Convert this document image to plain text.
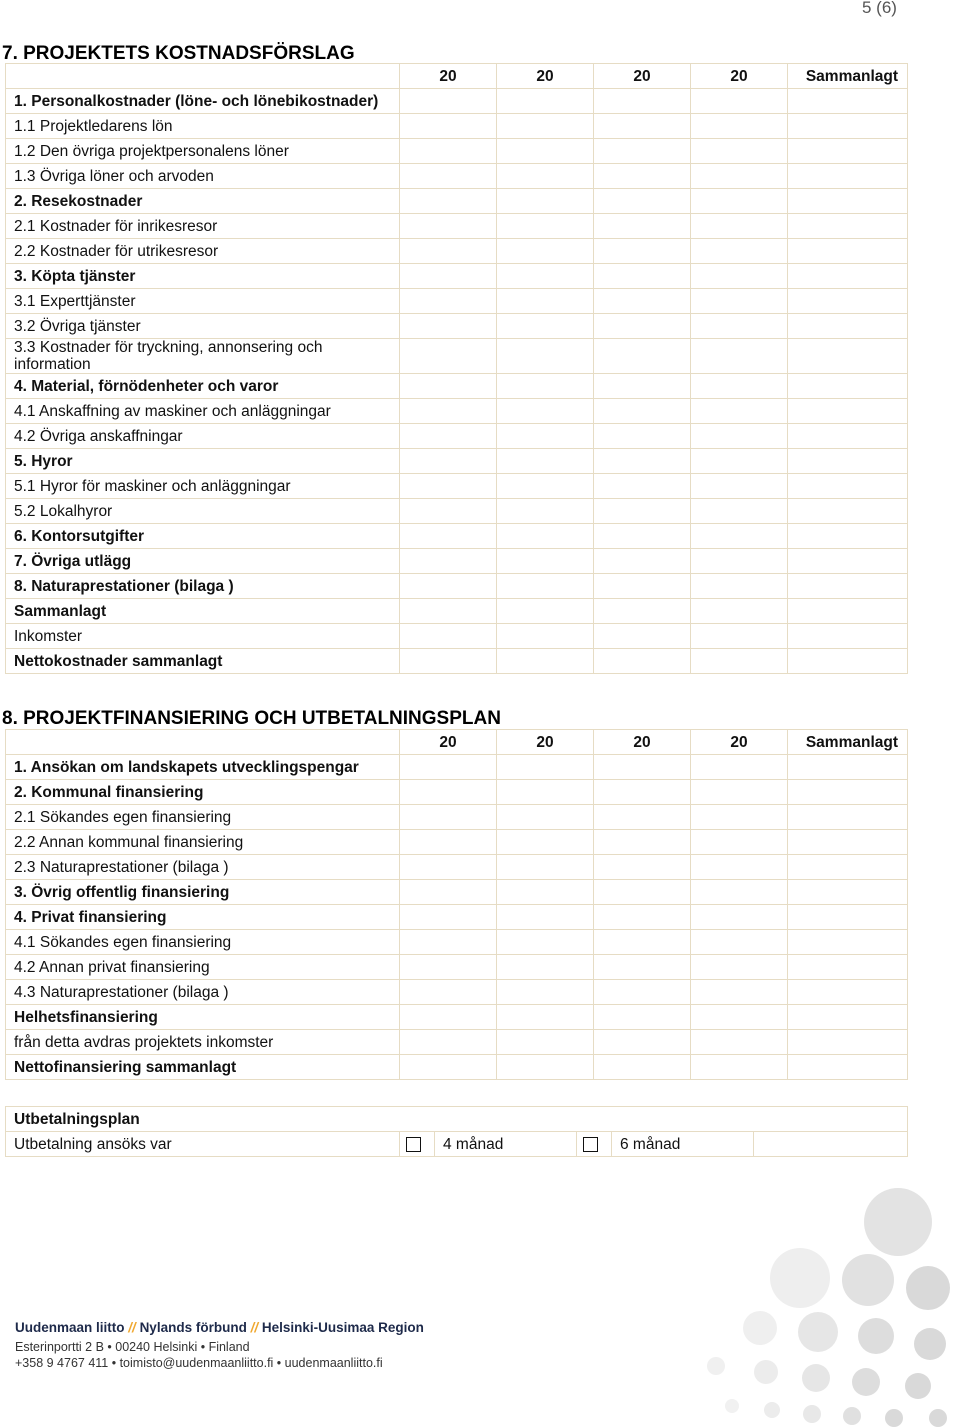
5 (6)
7. PROJEKTETS KOSTNADSFÖRSLAG
	20	20	20	20	Sammanlagt
1. Personalkostnader (löne- och lönebikostnader)					
1.1 Projektledarens lön					
1.2 Den övriga projektpersonalens löner					
1.3 Övriga löner och arvoden					
2. Resekostnader					
2.1 Kostnader för inrikesresor					
2.2 Kostnader för utrikesresor					
3. Köpta tjänster					
3.1 Experttjänster					
3.2 Övriga tjänster					
3.3 Kostnader för tryckning, annonsering och information					
4. Material, förnödenheter och varor					
4.1 Anskaffning av maskiner och anläggningar					
4.2 Övriga anskaffningar					
5. Hyror					
5.1 Hyror för maskiner och anläggningar					
5.2 Lokalhyror					
6. Kontorsutgifter					
7. Övriga utlägg					
8. Naturaprestationer (bilaga )					
Sammanlagt					
Inkomster					
Nettokostnader sammanlagt					
8. PROJEKTFINANSIERING OCH UTBETALNINGSPLAN
	20	20	20	20	Sammanlagt
1. Ansökan om landskapets utvecklingspengar					
2. Kommunal finansiering					
2.1 Sökandes egen finansiering					
2.2 Annan kommunal finansiering					
2.3 Naturaprestationer (bilaga )					
3. Övrig offentlig finansiering					
4. Privat finansiering					
4.1 Sökandes egen finansiering					
4.2 Annan privat finansiering					
4.3 Naturaprestationer (bilaga )					
Helhetsfinansiering					
från detta avdras projektets inkomster					
Nettofinansiering sammanlagt					
Utbetalningsplan
Utbetalning ansöks var		4 månad		6 månad	
Uudenmaan liitto // Nylands förbund // Helsinki-Uusimaa Region
Esterinportti 2 B • 00240 Helsinki • Finland
+358 9 4767 411 • toimisto@uudenmaanliitto.fi • uudenmaanliitto.fi
